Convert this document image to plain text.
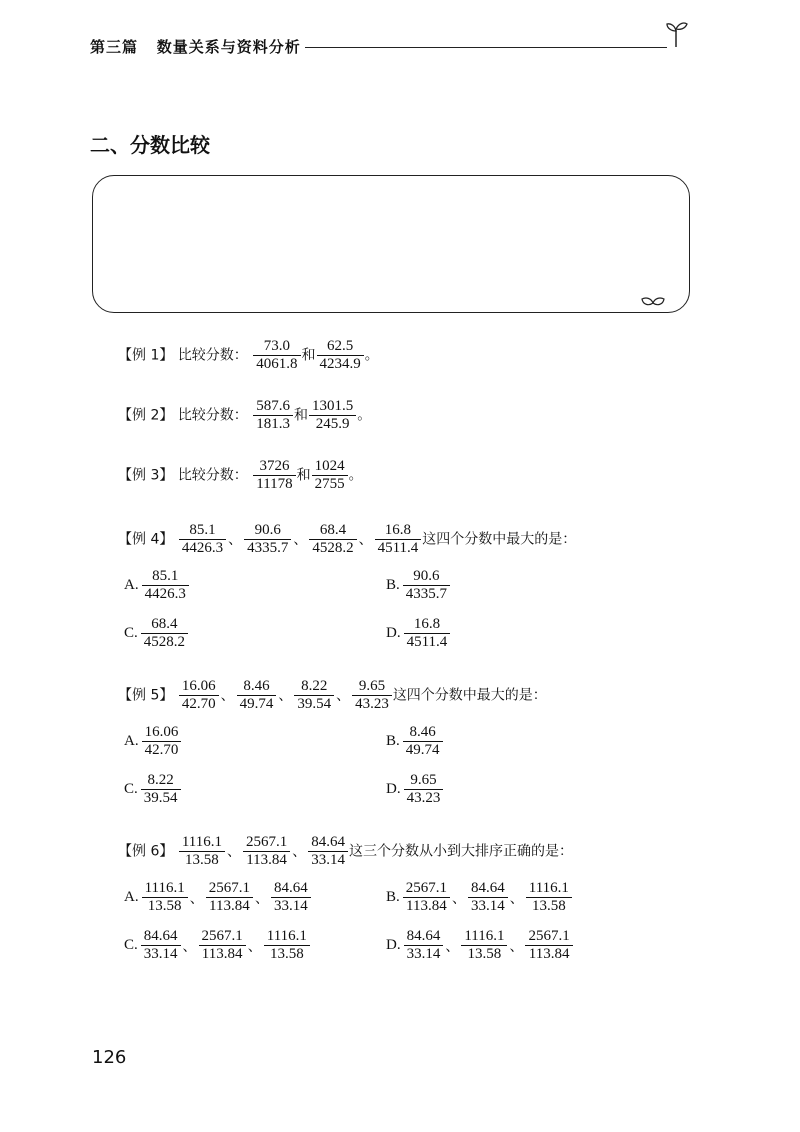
第三篇 数量关系与资料分析
二、分数比较
【例 1】 比较分数： $\frac{73.0}{4061.8}$ 和 $\frac{62.5}{4234.9}$ 。
【例 2】 比较分数： $\frac{587.6}{181.3}$ 和 $\frac{1301.5}{245.9}$ 。
【例 3】 比较分数： $\frac{3726}{11178}$ 和 $\frac{1024}{2755}$ 。
【例 4】 $\frac{85.1}{4426.3}$ 、 $\frac{90.6}{4335.7}$ 、 $\frac{68.4}{4528.2}$ 、 $\frac{16.8}{4511.4}$ 这四个分数中最大的是：
A. $\frac{85.1}{4426.3}$	B. $\frac{90.6}{4335.7}$
C. $\frac{68.4}{4528.2}$	D. $\frac{16.8}{4511.4}$
【例 5】 $\frac{16.06}{42.70}$ 、 $\frac{8.46}{49.74}$ 、 $\frac{8.22}{39.54}$ 、 $\frac{9.65}{43.23}$ 这四个分数中最大的是：
A. $\frac{16.06}{42.70}$	B. $\frac{8.46}{49.74}$
C. $\frac{8.22}{39.54}$	D. $\frac{9.65}{43.23}$
【例 6】 $\frac{1116.1}{13.58}$ 、 $\frac{2567.1}{113.84}$ 、 $\frac{84.64}{33.14}$ 这三个分数从小到大排序正确的是：
A. $\frac{1116.1}{13.58}$ 、 $\frac{2567.1}{113.84}$ 、 $\frac{84.64}{33.14}$	B. $\frac{2567.1}{113.84}$ 、 $\frac{84.64}{33.14}$ 、 $\frac{1116.1}{13.58}$
C. $\frac{84.64}{33.14}$ 、 $\frac{2567.1}{113.84}$ 、 $\frac{1116.1}{13.58}$	D. $\frac{84.64}{33.14}$ 、 $\frac{1116.1}{13.58}$ 、 $\frac{2567.1}{113.84}$
126
